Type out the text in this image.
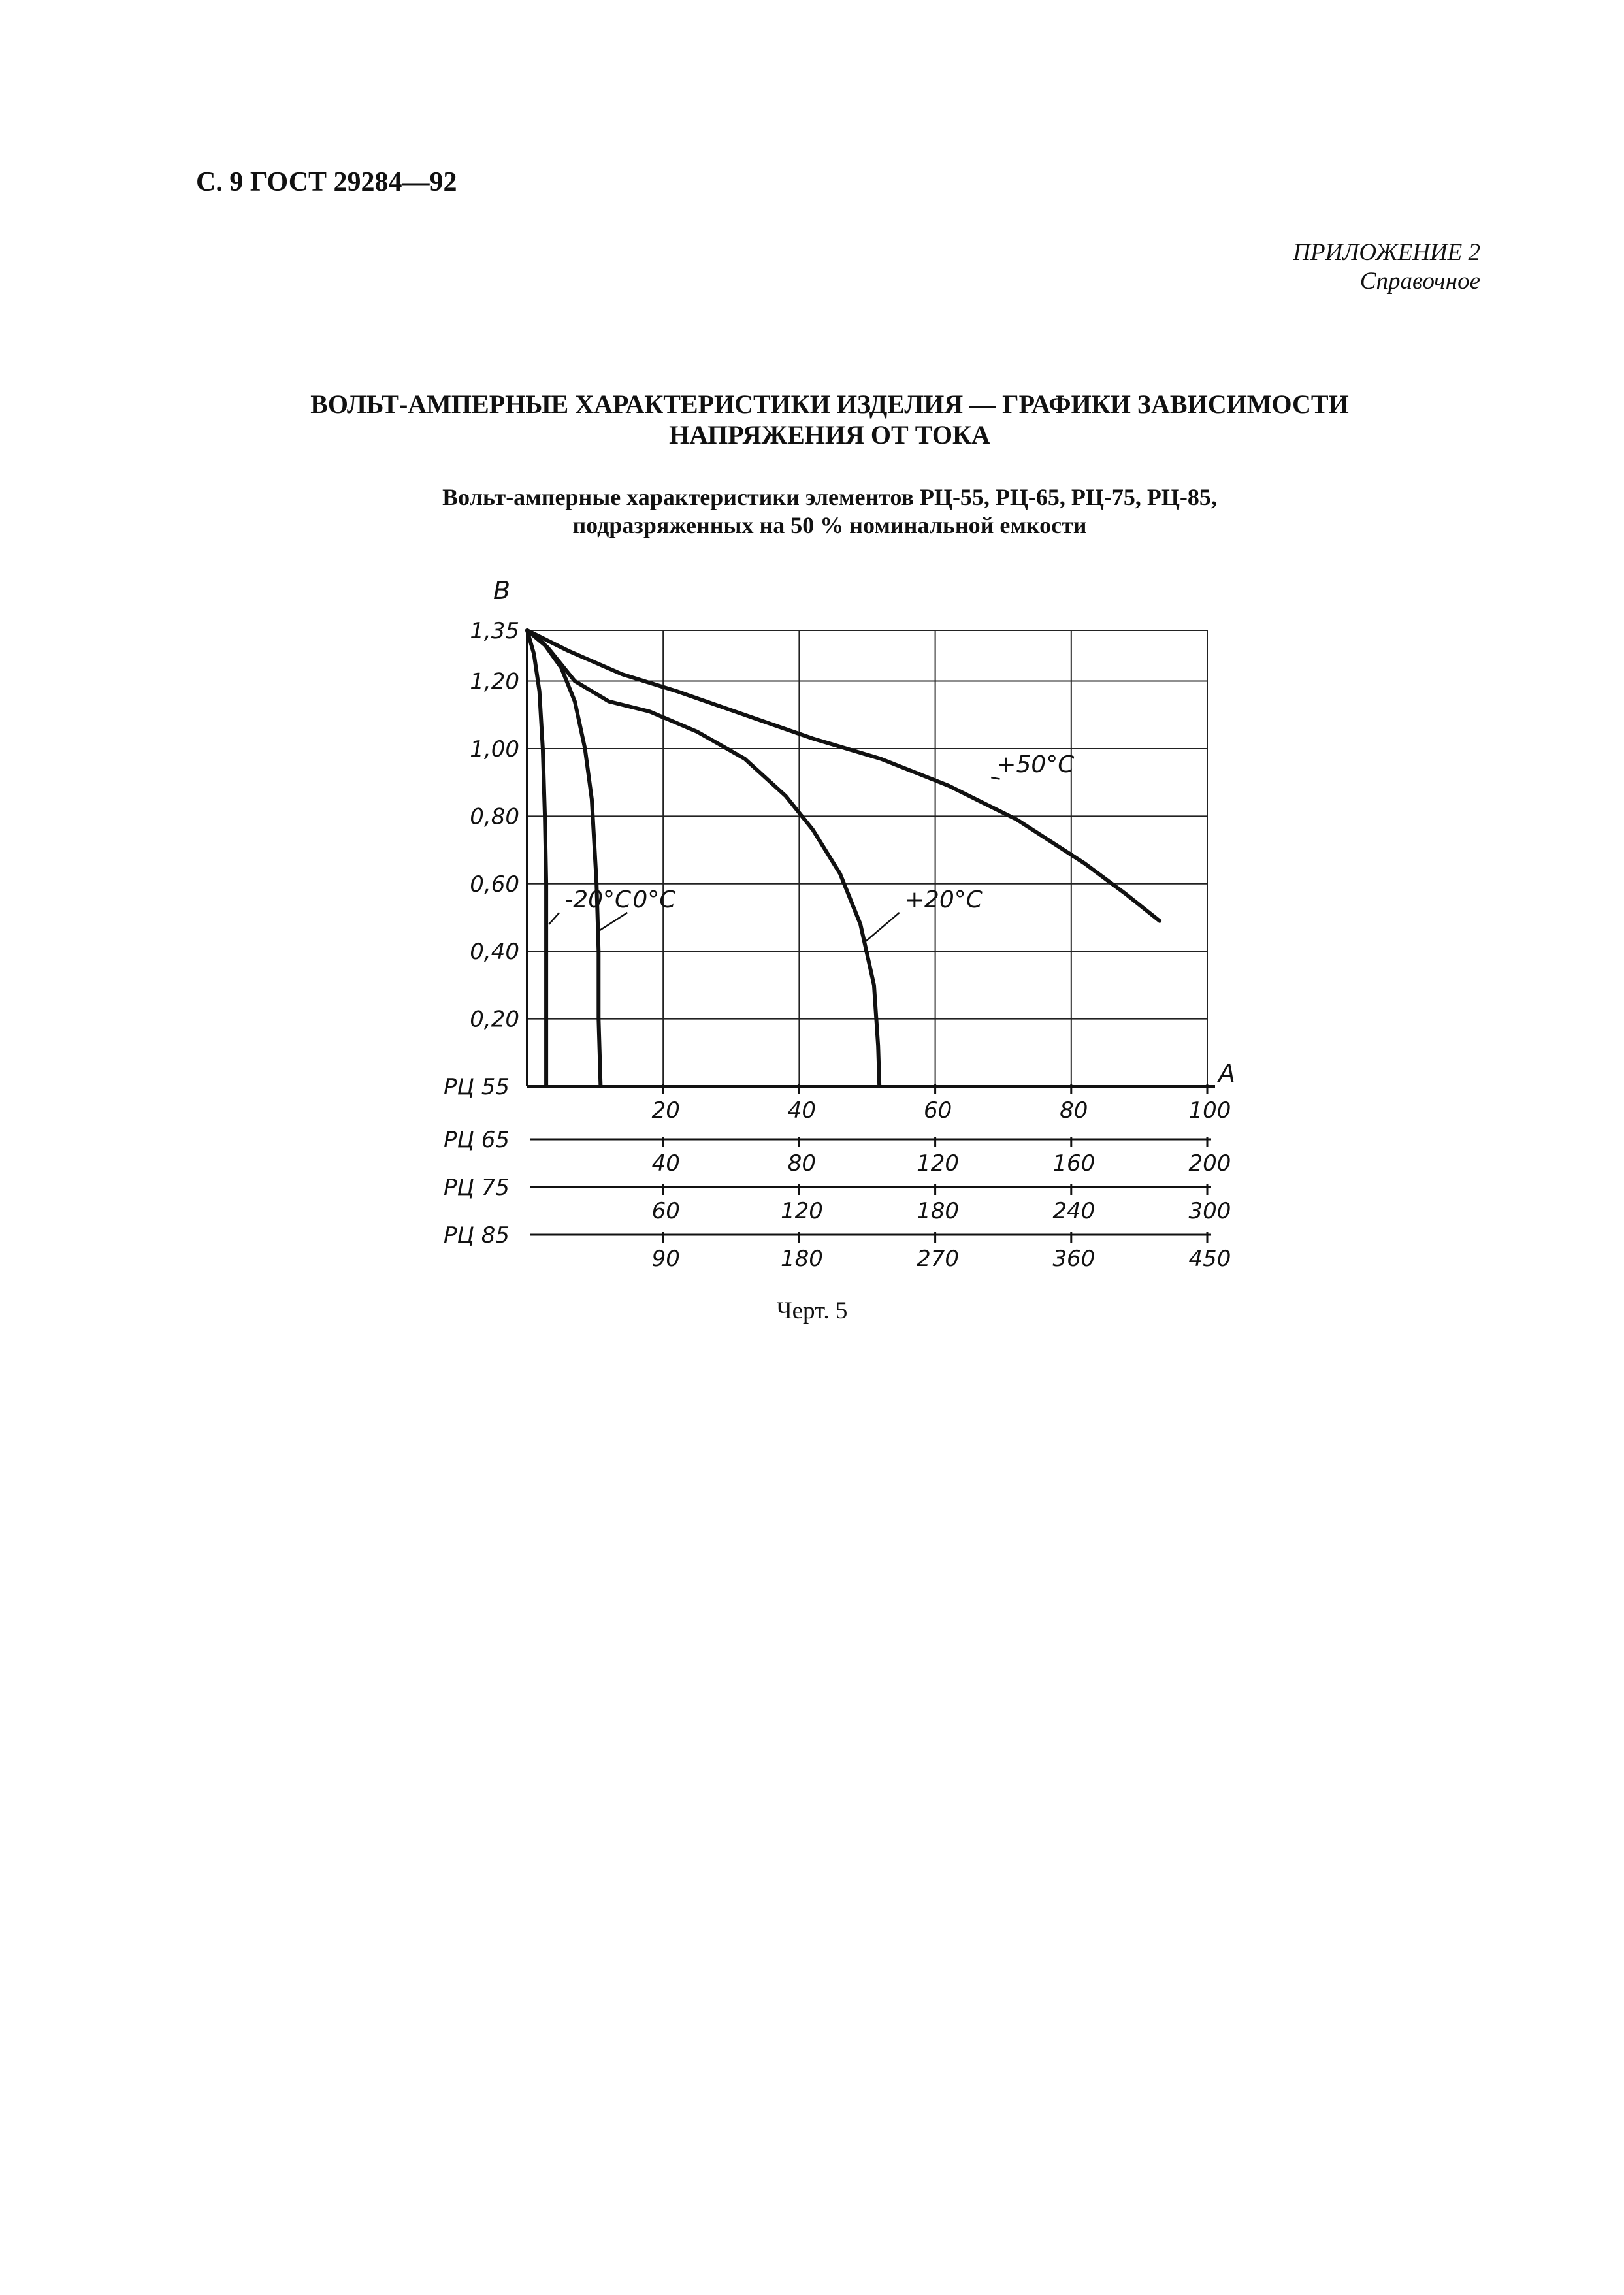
С. 9 ГОСТ 29284—92
ПРИЛОЖЕНИЕ 2
Справочное
ВОЛЬТ-АМПЕРНЫЕ ХАРАКТЕРИСТИКИ ИЗДЕЛИЯ — ГРАФИКИ ЗАВИСИМОСТИ
НАПРЯЖЕНИЯ ОТ ТОКА
Вольт-амперные характеристики элементов РЦ-55, РЦ-65, РЦ-75, РЦ-85,
подразряженных на 50 % номинальной емкости
В
А
1,35
1,20
1,00
0,80
0,60
0,40
0,20
РЦ 55
20	40	60	80	100
РЦ 65
40	80	120	160	200
РЦ 75
60	120	180	240	300
РЦ 85
90	180	270	360	450
-20°С 0°С	+20°С
+50°С
Черт. 5
